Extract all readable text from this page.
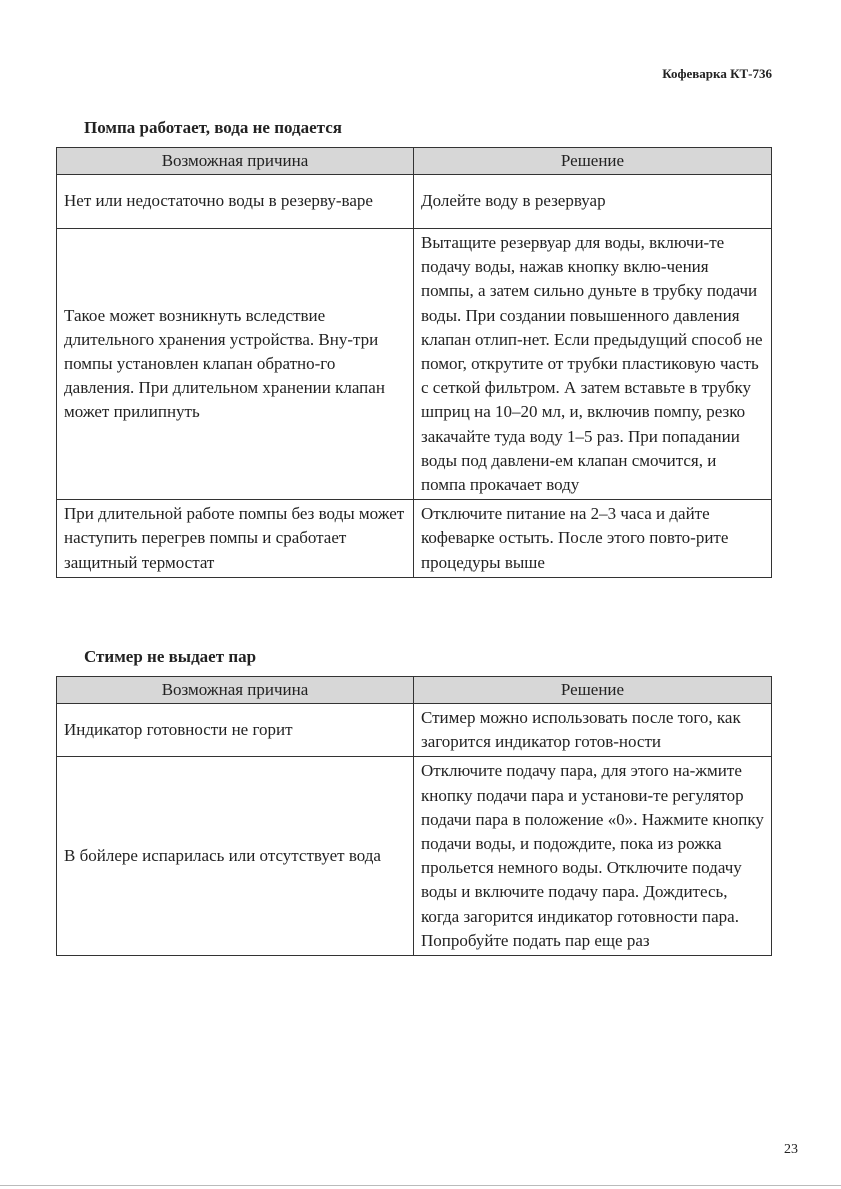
Кофеварка КТ-736
Помпа работает, вода не подается
Возможная причина	Решение
Нет или недостаточно воды в резерву-варе	Долейте воду в резервуар
Такое может возникнуть вследствие длительного хранения устройства. Вну-три помпы установлен клапан обратно-го давления. При длительном хранении клапан может прилипнуть	Вытащите резервуар для воды, включи-те подачу воды, нажав кнопку вклю-чения помпы, а затем сильно дуньте в трубку подачи воды. При создании повышенного давления клапан отлип-нет. Если предыдущий способ не помог, открутите от трубки пластиковую часть с сеткой фильтром. А затем вставьте в трубку шприц на 10–20 мл, и, включив помпу, резко закачайте туда воду 1–5 раз. При попадании воды под давлени-ем клапан смочится, и помпа прокачает воду
При длительной работе помпы без воды может наступить перегрев помпы и сработает защитный термостат	Отключите питание на 2–3 часа и дайте кофеварке остыть. После этого повто-рите процедуры выше
Стимер не выдает пар
Возможная причина	Решение
Индикатор готовности не горит	Стимер можно использовать после того, как загорится индикатор готов-ности
В бойлере испарилась или отсутствует вода	Отключите подачу пара, для этого на-жмите кнопку подачи пара и установи-те регулятор подачи пара в положение «0». Нажмите кнопку подачи воды, и подождите, пока из рожка прольется немного воды. Отключите подачу воды и включите подачу пара. Дождитесь, когда загорится индикатор готовности пара. Попробуйте подать пар еще раз
23
